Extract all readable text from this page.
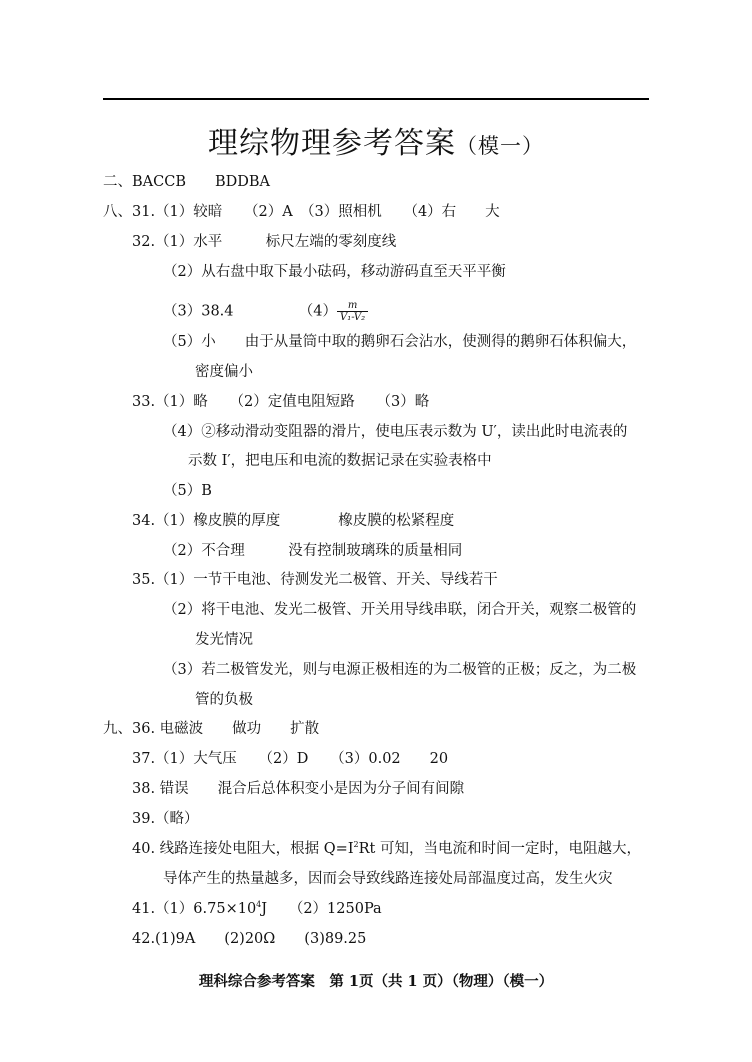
理综物理参考答案（模一）
二、BACCB　　BDDBA
八、31.（1）较暗　　（2）A　（3）照相机　　（4）右　　大
32.（1）水平　　　标尺左端的零刻度线
（2）从右盘中取下最小砝码，移动游码直至天平平衡
（3）38.4　　　　　$(4) \frac{m}{\text{V₁-V₂}}$
（5）小　　由于从量筒中取的鹅卵石会沾水，使测得的鹅卵石体积偏大，
密度偏小
33.（1）略　　（2）定值电阻短路　　（3）略
（4）②移动滑动变阻器的滑片，使电压表示数为 U′，读出此时电流表的
示数 I′，把电压和电流的数据记录在实验表格中
（5）B
34.（1）橡皮膜的厚度　　　　橡皮膜的松紧程度
（2）不合理　　　没有控制玻璃珠的质量相同
35.（1）一节干电池、待测发光二极管、开关、导线若干
（2）将干电池、发光二极管、开关用导线串联，闭合开关，观察二极管的
发光情况
（3）若二极管发光，则与电源正极相连的为二极管的正极；反之，为二极
管的负极
九、36. 电磁波　　做功　　扩散
37.（1）大气压　　（2）D　　（3）0.02　　20
38. 错误　　混合后总体积变小是因为分子间有间隙
39.（略）
40. 线路连接处电阻大，根据 $Q=I^2Rt$ 可知，当电流和时间一定时，电阻越大，
导体产生的热量越多，因而会导致线路连接处局部温度过高，发生火灾
$41.(1)6.75\times 10^4J$　　（2）1250Pa
42.(1)9A　　(2)20Ω　　(3)89.25
理科综合参考答案　第 1页（共 1 页）（物理）（模一）
